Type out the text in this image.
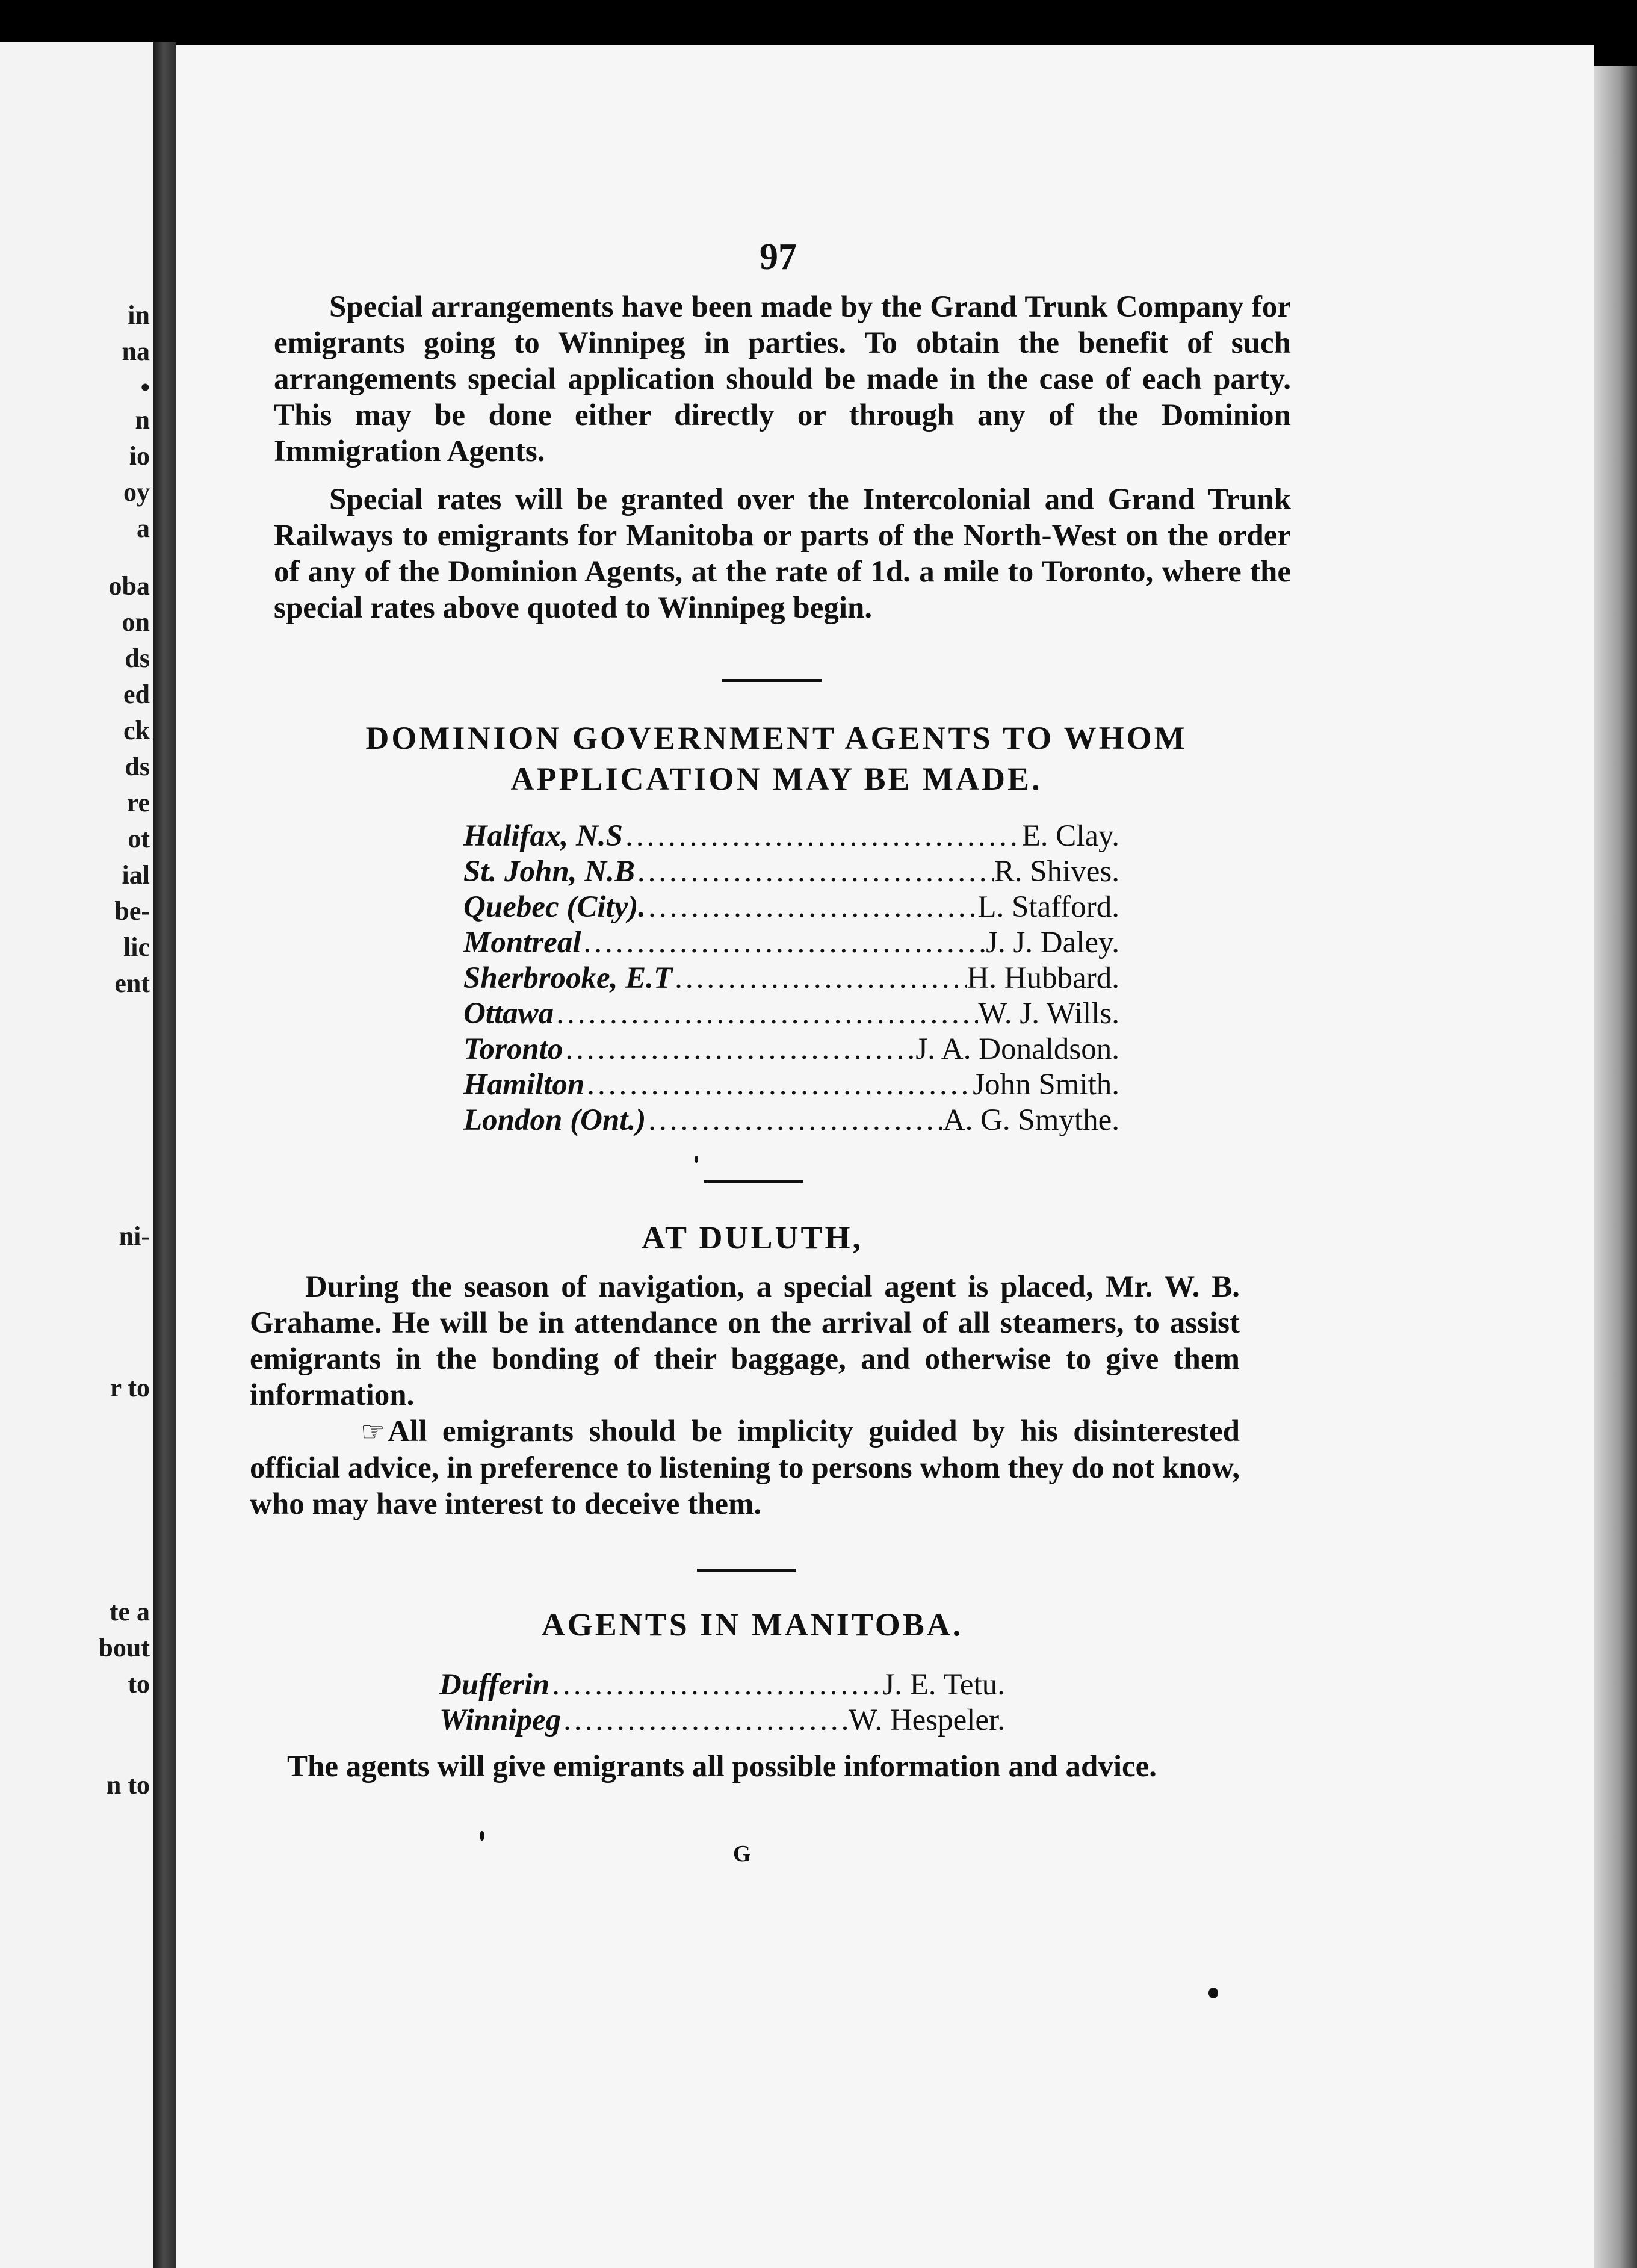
in
na
•
n
io
oy
a
oba
on
ds
ed
ck
ds
re
ot
ial
be-
lic
ent
ni-
r to
te a
bout
to
n to
97

Special arrangements have been made by the Grand Trunk Company for emigrants going to Winnipeg in parties. To obtain the benefit of such arrangements special application should be made in the case of each party. This may be done either directly or through any of the Dominion Immigration Agents.

Special rates will be granted over the Intercolonial and Grand Trunk Railways to emigrants for Manitoba or parts of the North-West on the order of any of the Dominion Agents, at the rate of 1d. a mile to Toronto, where the special rates above quoted to Winnipeg begin.

DOMINION GOVERNMENT AGENTS TO WHOM APPLICATION MAY BE MADE.

Halifax, N.S .....	E. Clay.
St. John, N.B .....	R. Shives.
Quebec (City). .....	L. Stafford.
Montreal .....	J. J. Daley.
Sherbrooke, E.T .....	H. Hubbard.
Ottawa .....	W. J. Wills.
Toronto .....	J. A. Donaldson.
Hamilton .....	John Smith.
London (Ont.) .....	A. G. Smythe.

AT DULUTH,

During the season of navigation, a special agent is placed, Mr. W. B. Grahame. He will be in attendance on the arrival of all steamers, to assist emigrants in the bonding of their baggage, and otherwise to give them information.

☞All emigrants should be implicity guided by his disinterested official advice, in preference to listening to persons whom they do not know, who may have interest to deceive them.

AGENTS IN MANITOBA.

Dufferin .....	J. E. Tetu.
Winnipeg .....	W. Hespeler.

The agents will give emigrants all possible information and advice.

G
